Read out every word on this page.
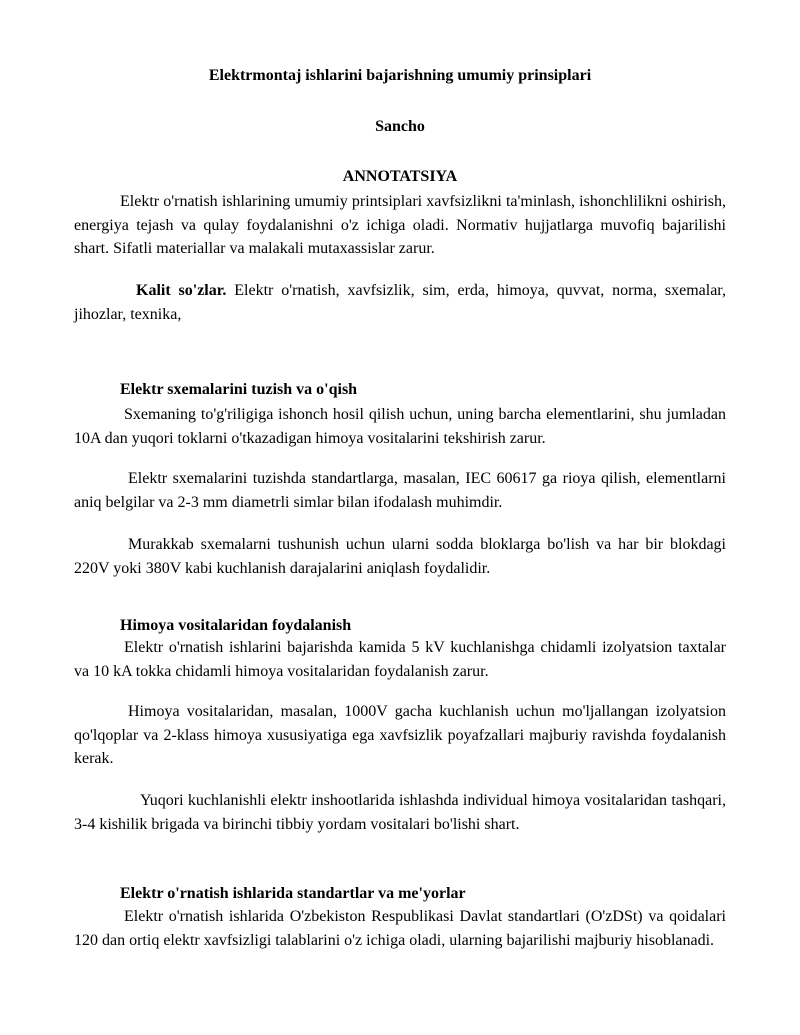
Elektrmontaj ishlarini bajarishning umumiy prinsiplari
Sancho
ANNOTATSIYA

Elektr o'rnatish ishlarining umumiy printsiplari xavfsizlikni ta'minlash, ishonchlilikni oshirish, energiya tejash va qulay foydalanishni o'z ichiga oladi. Normativ hujjatlarga muvofiq bajarilishi shart. Sifatli materiallar va malakali mutaxassislar zarur.

Kalit so'zlar. Elektr o'rnatish, xavfsizlik, sim, erda, himoya, quvvat, norma, sxemalar, jihozlar, texnika,

Elektr sxemalarini tuzish va o'qish

Sxemaning to'g'riligiga ishonch hosil qilish uchun, uning barcha elementlarini, shu jumladan 10A dan yuqori toklarni o'tkazadigan himoya vositalarini tekshirish zarur.

Elektr sxemalarini tuzishda standartlarga, masalan, IEC 60617 ga rioya qilish, elementlarni aniq belgilar va 2-3 mm diametrli simlar bilan ifodalash muhimdir.

Murakkab sxemalarni tushunish uchun ularni sodda bloklarga bo'lish va har bir blokdagi 220V yoki 380V kabi kuchlanish darajalarini aniqlash foydalidir.

Himoya vositalaridan foydalanish

Elektr o'rnatish ishlarini bajarishda kamida 5 kV kuchlanishga chidamli izolyatsion taxtalar va 10 kA tokka chidamli himoya vositalaridan foydalanish zarur.

Himoya vositalaridan, masalan, 1000V gacha kuchlanish uchun mo'ljallangan izolyatsion qo'lqoplar va 2-klass himoya xususiyatiga ega xavfsizlik poyafzallari majburiy ravishda foydalanish kerak.

Yuqori kuchlanishli elektr inshootlarida ishlashda individual himoya vositalaridan tashqari, 3-4 kishilik brigada va birinchi tibbiy yordam vositalari bo'lishi shart.

Elektr o'rnatish ishlarida standartlar va me'yorlar

Elektr o'rnatish ishlarida O'zbekiston Respublikasi Davlat standartlari (O'zDSt) va qoidalari 120 dan ortiq elektr xavfsizligi talablarini o'z ichiga oladi, ularning bajarilishi majburiy hisoblanadi.
